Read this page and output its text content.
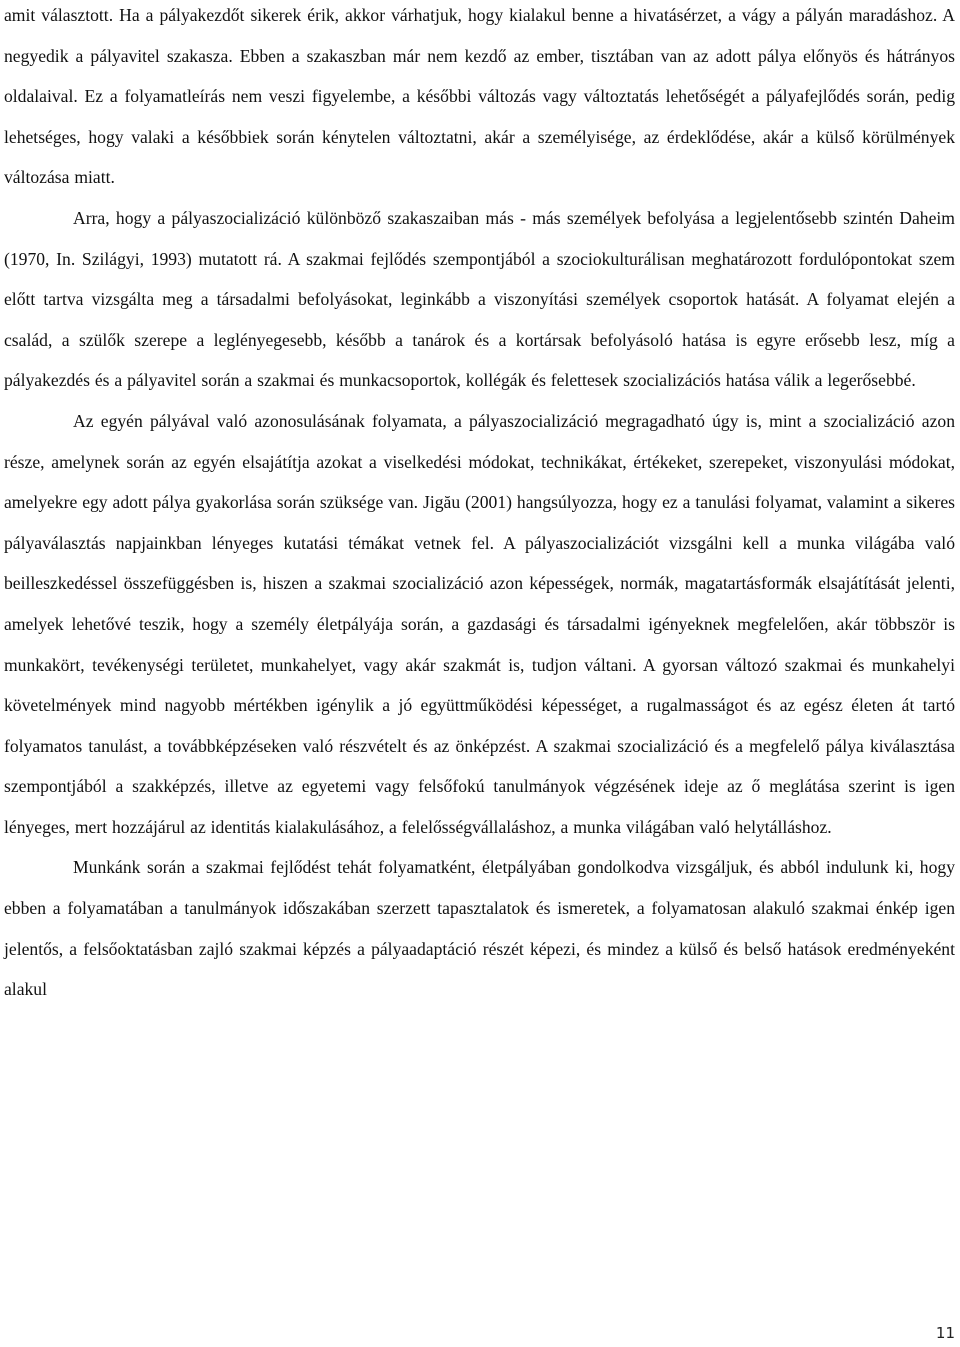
amit választott. Ha a pályakezdőt sikerek érik, akkor várhatjuk, hogy kialakul benne a hivatásérzet, a vágy a pályán maradáshoz. A negyedik a pályavitel szakasza. Ebben a szakaszban már nem kezdő az ember, tisztában van az adott pálya előnyös és hátrányos oldalaival. Ez a folyamatleírás nem veszi figyelembe, a későbbi változás vagy változtatás lehetőségét a pályafejlődés során, pedig lehetséges, hogy valaki a későbbiek során kénytelen változtatni, akár a személyisége, az érdeklődése, akár a külső körülmények változása miatt.

Arra, hogy a pályaszocializáció különböző szakaszaiban más - más személyek befolyása a legjelentősebb szintén Daheim (1970, In. Szilágyi, 1993) mutatott rá. A szakmai fejlődés szempontjából a szociokulturálisan meghatározott fordulópontokat szem előtt tartva vizsgálta meg a társadalmi befolyásokat, leginkább a viszonyítási személyek csoportok hatását. A folyamat elején a család, a szülők szerepe a leglényegesebb, később a tanárok és a kortársak befolyásoló hatása is egyre erősebb lesz, míg a pályakezdés és a pályavitel során a szakmai és munkacsoportok, kollégák és felettesek szocializációs hatása válik a legerősebbé.

Az egyén pályával való azonosulásának folyamata, a pályaszocializáció megragadható úgy is, mint a szocializáció azon része, amelynek során az egyén elsajátítja azokat a viselkedési módokat, technikákat, értékeket, szerepeket, viszonyulási módokat, amelyekre egy adott pálya gyakorlása során szüksége van. Jigău (2001) hangsúlyozza, hogy ez a tanulási folyamat, valamint a sikeres pályaválasztás napjainkban lényeges kutatási témákat vetnek fel. A pályaszocializációt vizsgálni kell a munka világába való beilleszkedéssel összefüggésben is, hiszen a szakmai szocializáció azon képességek, normák, magatartásformák elsajátítását jelenti, amelyek lehetővé teszik, hogy a személy életpályája során, a gazdasági és társadalmi igényeknek megfelelően, akár többször is munkakört, tevékenységi területet, munkahelyet, vagy akár szakmát is, tudjon váltani. A gyorsan változó szakmai és munkahelyi követelmények mind nagyobb mértékben igénylik a jó együttműködési képességet, a rugalmasságot és az egész életen át tartó folyamatos tanulást, a továbbképzéseken való részvételt és az önképzést. A szakmai szocializáció és a megfelelő pálya kiválasztása szempontjából a szakképzés, illetve az egyetemi vagy felsőfokú tanulmányok végzésének ideje az ő meglátása szerint is igen lényeges, mert hozzájárul az identitás kialakulásához, a felelősségvállaláshoz, a munka világában való helytálláshoz.

Munkánk során a szakmai fejlődést tehát folyamatként, életpályában gondolkodva vizsgáljuk, és abból indulunk ki, hogy ebben a folyamatában a tanulmányok időszakában szerzett tapasztalatok és ismeretek, a folyamatosan alakuló szakmai énkép igen jelentős, a felsőoktatásban zajló szakmai képzés a pályaadaptáció részét képezi, és mindez a külső és belső hatások eredményeként alakul

11
